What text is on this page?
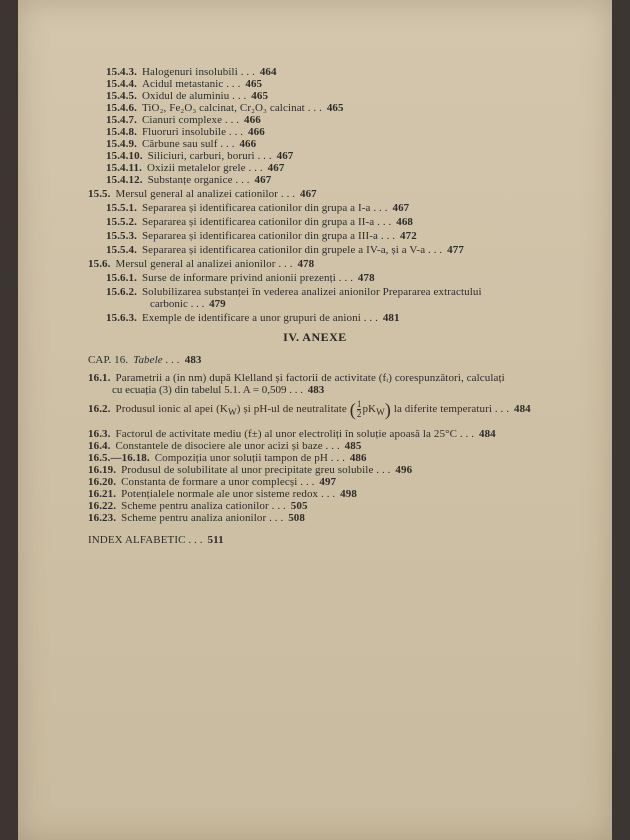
15.4.3. Halogenuri insolubili . . . 464
15.4.4. Acidul metastanic . . . 465
15.4.5. Oxidul de aluminiu . . . 465
15.4.6. TiO₂, Fe₂O₃ calcinat, Cr₂O₃ calcinat . . . 465
15.4.7. Cianuri complexe . . . 466
15.4.8. Fluoruri insolubile . . . 466
15.4.9. Cărbune sau sulf . . . 466
15.4.10. Siliciuri, carburi, boruri . . . 467
15.4.11. Oxizii metalelor grele . . . 467
15.4.12. Substanțe organice . . . 467
15.5. Mersul general al analizei cationilor . . . 467
15.5.1. Separarea și identificarea cationilor din grupa a I-a . . . 467
15.5.2. Separarea și identificarea cationilor din grupa a II-a . . . 468
15.5.3. Separarea și identificarea cationilor din grupa a III-a . . . 472
15.5.4. Separarea și identificarea cationilor din grupele a IV-a, și a V-a . . . 477
15.6. Mersul general al analizei anionilor . . . 478
15.6.1. Surse de informare privind anionii prezenți . . . 478
15.6.2. Solubilizarea substanței în vederea analizei anionilor Prepararea extractului
carbonic . . . 479
15.6.3. Exemple de identificare a unor grupuri de anioni . . . 481
IV. ANEXE
CAP. 16. Tabele . . . 483
16.1. Parametrii a (in nm) după Klelland și factorii de activitate (fᵢ) corespunzători, calculați
cu ecuația (3) din tabelul 5.1. A = 0,509 . . . 483
16.2. Produsul ionic al apei $(K_W)$ și pH-ul de neutralitate ( $\frac{1}{2} pK_W$) la diferite temperaturi . . . 484
16.3. Factorul de activitate mediu (f±) al unor electroliți în soluție apoasă la 25°C . . . 484
16.4. Constantele de disociere ale unor acizi și baze . . . 485
16.5.—16.18. Compoziția unor soluții tampon de pH . . . 486
16.19. Produsul de solubilitate al unor precipitate greu solubile . . . 496
16.20. Constanta de formare a unor complecși . . . 497
16.21. Potențialele normale ale unor sisteme redox . . . 498
16.22. Scheme pentru analiza cationilor . . . 505
16.23. Scheme pentru analiza anionilor . . . 508
INDEX ALFABETIC . . . 511
